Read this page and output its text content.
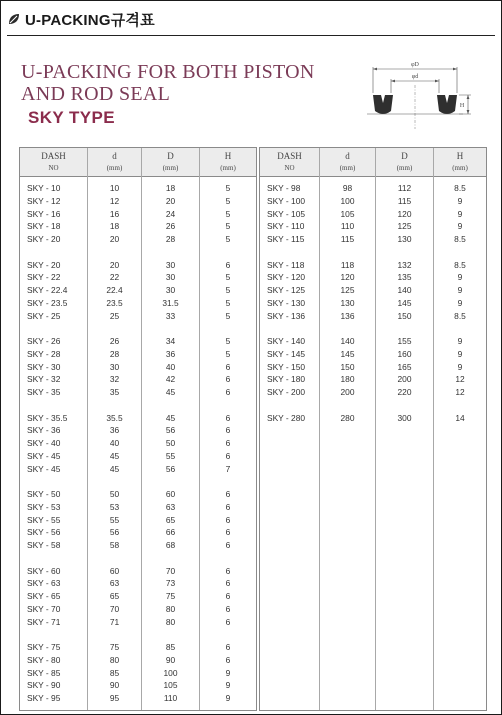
U-PACKING규격표
U-PACKING FOR BOTH PISTON
AND ROD SEAL
SKY TYPE
φD
φd
H
DASH
NO
SKY - 10
SKY - 12
SKY - 16
SKY - 18
SKY - 20
SKY - 20
SKY - 22
SKY - 22.4
SKY - 23.5
SKY - 25
SKY - 26
SKY - 28
SKY - 30
SKY - 32
SKY - 35
SKY - 35.5
SKY - 36
SKY - 40
SKY - 45
SKY - 45
SKY - 50
SKY - 53
SKY - 55
SKY - 56
SKY - 58
SKY - 60
SKY - 63
SKY - 65
SKY - 70
SKY - 71
SKY - 75
SKY - 80
SKY - 85
SKY - 90
SKY - 95
d
(mm)
10
12
16
18
20
20
22
22.4
23.5
25
26
28
30
32
35
35.5
36
40
45
45
50
53
55
56
58
60
63
65
70
71
75
80
85
90
95
D
(mm)
18
20
24
26
28
30
30
30
31.5
33
34
36
40
42
45
45
56
50
55
56
60
63
65
66
68
70
73
75
80
80
85
90
100
105
110
H
(mm)
5
5
5
5
5
6
5
5
5
5
5
5
6
6
6
6
6
6
6
7
6
6
6
6
6
6
6
6
6
6
6
6
9
9
9
DASH
NO
SKY - 98
SKY - 100
SKY - 105
SKY - 110
SKY - 115
SKY - 118
SKY - 120
SKY - 125
SKY - 130
SKY - 136
SKY - 140
SKY - 145
SKY - 150
SKY - 180
SKY - 200
SKY - 280
d
(mm)
98
100
105
110
115
118
120
125
130
136
140
145
150
180
200
280
D
(mm)
112
115
120
125
130
132
135
140
145
150
155
160
165
200
220
300
H
(mm)
8.5
9
9
9
8.5
8.5
9
9
9
8.5
9
9
9
12
12
14
